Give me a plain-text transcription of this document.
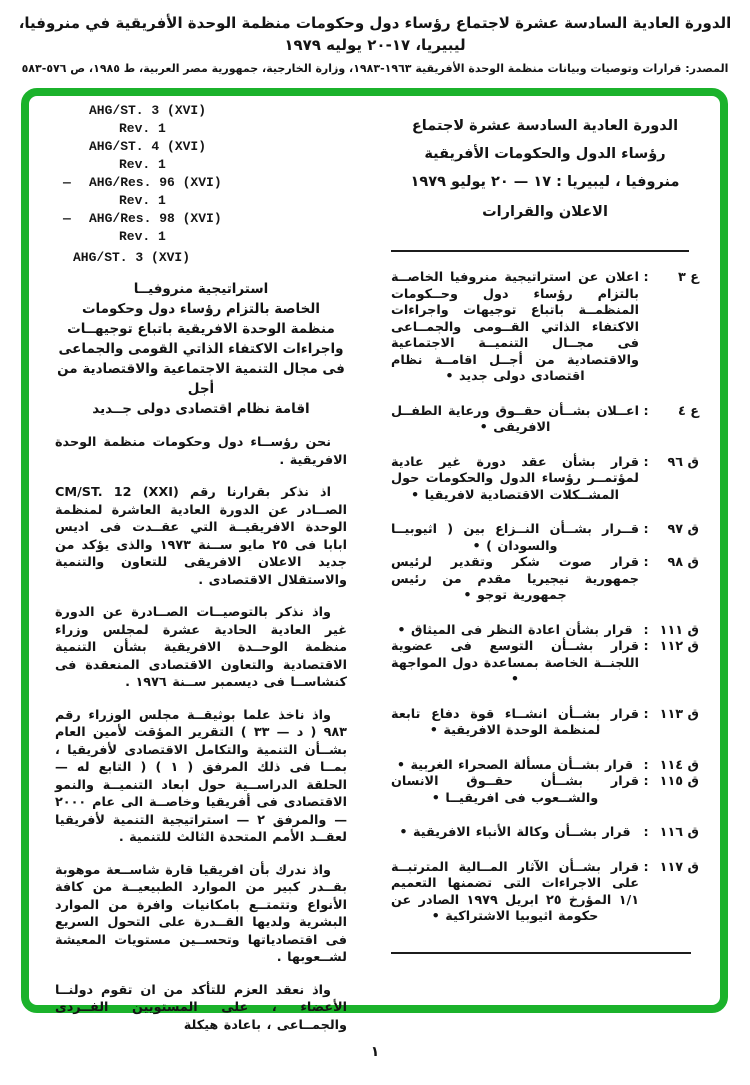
الدورة العادية السادسة عشرة لاجتماع رؤساء دول وحكومات منظمة الوحدة الأفريقية في منروفيا، ليبيريا، ١٧-٢٠ يوليه ١٩٧٩
المصدر: قرارات وتوصيات وبيانات منظمة الوحدة الأفريقية ١٩٦٣-١٩٨٣، وزارة الخارجية، جمهورية مصر العربية، ط ١٩٨٥، ص ٥٧٦-٥٨٣
AHG/ST. 3 (XVI)
Rev. 1
AHG/ST. 4 (XVI)
Rev. 1
— AHG/Res. 96 (XVI)
Rev. 1
— AHG/Res. 98 (XVI)
Rev. 1
AHG/ST. 3 (XVI)
استراتيجية منروفيــا
الخاصة بالتزام رؤساء دول وحكومات
منظمة الوحدة الافريقية باتباع توجيهــات
واجراءات الاكتفاء الذاتي القومى والجماعى
فى مجال التنمية الاجتماعية والاقتصادية من أجل
اقامة نظام اقتصادى دولى جــديد
نحن رؤســاء دول وحكومات منظمة الوحدة الافريقية .
اذ نذكر بقرارنا رقم CM/ST. 12 (XXI) الصــادر عن الدورة العادية العاشرة لمنظمة الوحدة الافريقيــة التي عقــدت فى اديس ابابا فى ٢٥ مايو ســنة ١٩٧٣ والذى يؤكد من جديد الاعلان الافريقى للتعاون والتنمية والاستقلال الاقتصادى .
واذ نذكر بالتوصيــات الصــادرة عن الدورة غير العادية الحادية عشرة لمجلس وزراء منظمة الوحــدة الافريقية بشأن التنمية الاقتصادية والتعاون الاقتصادى المنعقدة فى كنشاســا فى ديسمبر ســنة ١٩٧٦ .
واذ ناخذ علما بوثيقــة مجلس الوزراء رقم ٩٨٣ ( د — ٣٣ ) التقرير المؤقت لأمين العام بشــأن التنمية والتكامل الاقتصادى لأفريقيا ، بمــا فى ذلك المرفق ( ١ ) ( التابع له — الحلقة الدراســية حول ابعاد التنميــة والنمو الاقتصادى فى أفريقيا وخاصــة الى عام ٢٠٠٠ — والمرفق ٢ — استراتيجية التنمية لأفريقيا لعقــد الأمم المتحدة الثالث للتنمية .
واذ ندرك بأن افريقيا قارة شاســعة موهوبة بقــدر كبير من الموارد الطبيعيــة من كافة الأنواع وتتمتــع بامكانيات وافرة من الموارد البشرية ولديها القــدرة على التحول السريع فى اقتصادياتها وتحســين مستويات المعيشة لشــعوبها .
واذ نعقد العزم للتأكد من ان تقوم دولنــا الأعضاء ، على المستويين الفــردى والجمــاعى ، باعادة هيكلة
الدورة العادية السادسة عشرة لاجتماع
رؤساء الدول والحكومات الأفريقية
منروفيا ، ليبيريا : ١٧ — ٢٠ يوليو ١٩٧٩
الاعلان والقرارات
ع ٣
:
اعلان عن استراتيجية منروفيا الخاصــة بالتزام رؤساء دول وحــكومات المنظمــة باتباع توجيهات واجراءات الاكتفاء الذاتي القــومى والجمــاعى فى مجــال التنميــة الاجتماعية والاقتصادية من أجــل اقامــة نظام اقتصادى دولى جديد •
ع ٤
:
اعــلان بشــأن حقــوق ورعاية الطفــل الافريقى •
ق ٩٦
:
قرار بشأن عقد دورة غير عادية لمؤتمــر رؤساء الدول والحكومات حول المشــكلات الاقتصادية لافريقيا •
ق ٩٧
:
قــرار بشــأن النــزاع بين ( اثيوبيــا والسودان ) •
ق ٩٨
:
قرار صوت شكر وتقدير لرئيس جمهورية نيجيريا مقدم من رئيس جمهورية توجو •
ق ١١١
:
قرار بشأن اعادة النظر فى الميثاق •
ق ١١٢
:
قرار بشــأن التوسع فى عضوية اللجنــة الخاصة بمساعدة دول المواجهة •
ق ١١٣
:
قرار بشــأن انشــاء قوة دفاع تابعة لمنظمة الوحدة الافريقية •
ق ١١٤
:
قرار بشــأن مسألة الصحراء الغربية •
ق ١١٥
:
قرار بشــأن حقــوق الانسان والشــعوب فى افريقيــا •
ق ١١٦
:
قرار بشــأن وكالة الأنباء الافريقية •
ق ١١٧
:
قرار بشــأن الآثار المــالية المترتبــة على الاجراءات التى تضمنها التعميم ١/١ المؤرخ ٢٥ ابريل ١٩٧٩ الصادر عن حكومة اثيوبيا الاشتراكية •
١
